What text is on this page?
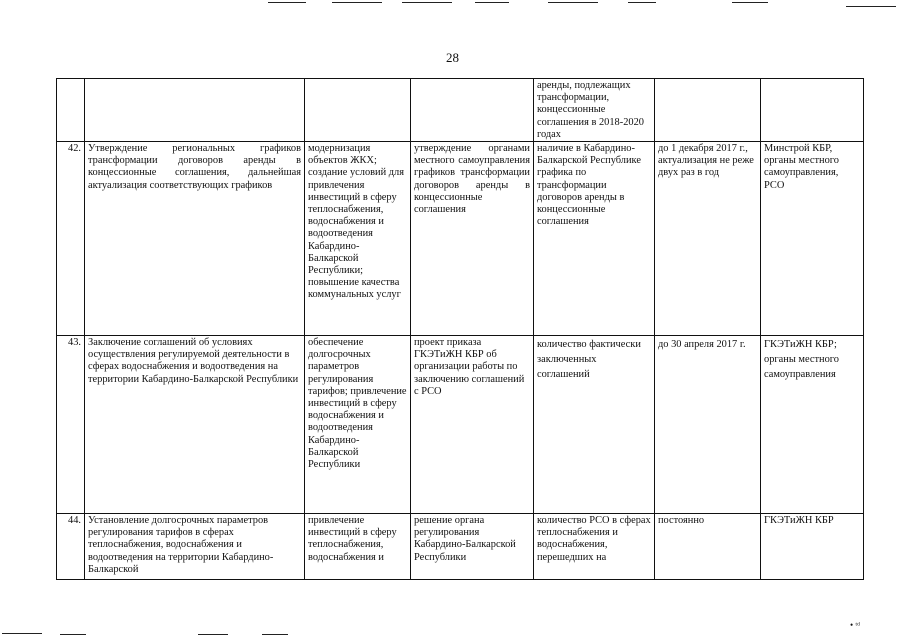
28
				аренды, подлежащих трансформации, концессионные соглашения в 2018-2020 годах		
42.	Утверждение региональных графиков трансформации договоров аренды в концессионные соглашения, дальнейшая актуализация соответствующих графиков	модернизация объектов ЖКХ; создание условий для привлечения инвестиций в сферу теплоснабжения, водоснабжения и водоотведения Кабардино-Балкарской Республики; повышение качества коммунальных услуг	утверждение органами местного самоуправления графиков трансформации договоров аренды в концессионные соглашения	наличие в Кабардино-Балкарской Республике графика по трансформации договоров аренды в концессионные соглашения	до 1 декабря 2017 г., актуализация не реже двух раз в год	Минстрой КБР, органы местного самоуправления, РСО
43.	Заключение соглашений об условиях осуществления регулируемой деятельности в сферах водоснабжения и водоотведения на территории Кабардино-Балкарской Республики	обеспечение долгосрочных параметров регулирования тарифов; привлечение инвестиций в сферу водоснабжения и водоотведения Кабардино-Балкарской Республики	проект приказа ГКЭТиЖН КБР об организации работы по заключению соглашений с РСО	количество фактически заключенных соглашений	до 30 апреля 2017 г.	ГКЭТиЖН КБР; органы местного самоуправления
44.	Установление долгосрочных параметров регулирования тарифов в сферах теплоснабжения, водоснабжения и водоотведения на территории Кабардино-Балкарской	привлечение инвестиций в сферу теплоснабжения, водоснабжения и	решение органа регулирования Кабардино-Балкарской Республики	количество РСО в сферах теплоснабжения и водоснабжения, перешедших на	постоянно	ГКЭТиЖН КБР
• ᵗᵈ
